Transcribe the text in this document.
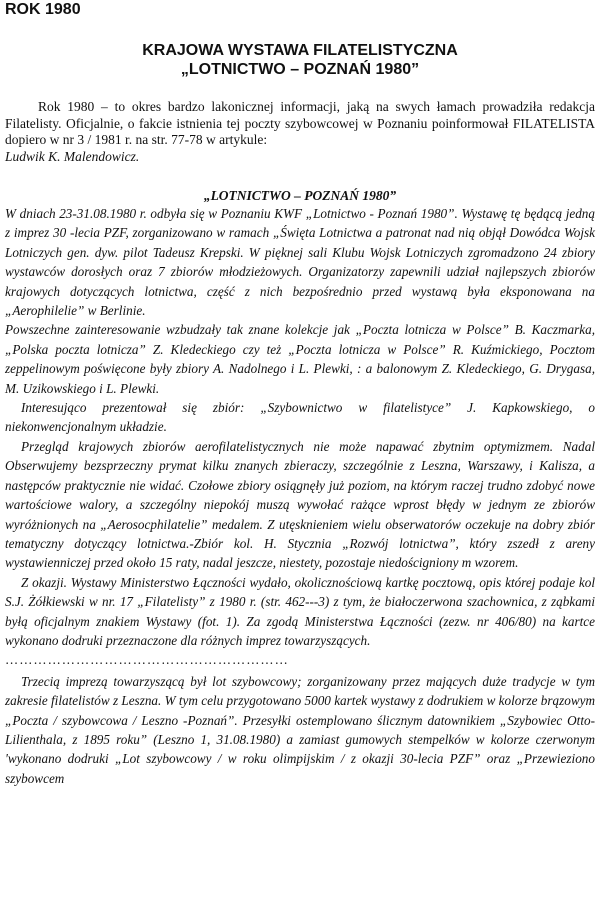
ROK 1980
KRAJOWA WYSTAWA FILATELISTYCZNA
„LOTNICTWO – POZNAŃ 1980”

Rok 1980 – to okres bardzo lakonicznej informacji, jaką na swych łamach prowadziła redakcja Filatelisty. Oficjalnie, o fakcie istnienia tej poczty szybowcowej w Poznaniu poinformował FILATELISTA dopiero w nr 3 / 1981 r. na str. 77-78 w artykule:

Ludwik K. Malendowicz.

„LOTNICTWO – POZNAŃ 1980”

W dniach 23-31.08.1980 r. odbyła się w Poznaniu KWF „Lotnictwo - Poznań 1980”. Wystawę tę będącą jedną z imprez 30 -lecia PZF, zorganizowano w ramach „Święta Lotnictwa a patronat nad nią objął Dowódca Wojsk Lotniczych gen. dyw. pilot Tadeusz Krepski. W pięknej sali Klubu Wojsk Lotniczych zgromadzono 24 zbiory wystawców dorosłych oraz 7 zbiorów młodzieżowych. Organizatorzy zapewnili udział najlepszych zbiorów krajowych dotyczących lotnictwa, część z nich bezpośrednio przed wystawą była eksponowana na „Aerophilelie” w Berlinie.

Powszechne zainteresowanie wzbudzały tak znane kolekcje jak „Poczta lotnicza w Polsce” B. Kaczmarka, „Polska poczta lotnicza” Z. Kledeckiego czy też „Poczta lotnicza w Polsce” R. Kuźmickiego, Pocztom zeppelinowym poświęcone były zbiory A. Nadolnego i L. Plewki, : a balonowym Z. Kledeckiego, G. Drygasa, M. Uzikowskiego i L. Plewki.

Interesująco prezentował się zbiór: „Szybownictwo w filatelistyce” J. Kapkowskiego, o niekonwencjonalnym układzie.

Przegląd krajowych zbiorów aerofilatelistycznych nie może napawać zbytnim optymizmem. Nadal Obserwujemy bezsprzeczny prymat kilku znanych zbieraczy, szczególnie z Leszna, Warszawy, i Kalisza, a następców praktycznie nie widać. Czołowe zbiory osiągnęły już poziom, na którym raczej trudno zdobyć nowe wartościowe walory, a szczególny niepokój muszą wywołać rażące wprost błędy w jednym ze zbiorów wyróżnionych na „Aerosocphilatelie” medalem. Z utęsknieniem wielu obserwatorów oczekuje na dobry zbiór tematyczny dotyczący lotnictwa.-Zbiór kol. H. Stycznia „Rozwój lotnictwa”, który zszedł z areny wystawienniczej przed około 15 raty, nadal jeszcze, niestety, pozostaje niedościgniony m wzorem.

Z okazji. Wystawy Ministerstwo Łączności wydało, okolicznościową kartkę pocztową, opis której podaje kol S.J. Żółkiewski w nr. 17 „Filatelisty” z 1980 r. (str. 462---3) z tym, że białoczerwona szachownica, z ząbkami byłą oficjalnym znakiem Wystawy (fot. 1). Za zgodą Ministerstwa Łączności (zezw. nr 406/80) na kartce wykonano dodruki przeznaczone dla różnych imprez towarzyszących.

……………………………………………………

Trzecią imprezą towarzyszącą był lot szybowcowy; zorganizowany przez mających duże tradycje w tym zakresie filatelistów z Leszna. W tym celu przygotowano 5000 kartek wystawy z dodrukiem w kolorze brązowym „Poczta / szybowcowa / Leszno -Poznań”. Przesyłki ostemplowano ślicznym datownikiem „Szybowiec Otto- Lilienthala, z 1895 roku” (Leszno 1, 31.08.1980) a zamiast gumowych stempelków w kolorze czerwonym 'wykonano dodruki „Lot szybowcowy / w roku olimpijskim / z okazji 30-lecia PZF” oraz „Przewieziono szybowcem
